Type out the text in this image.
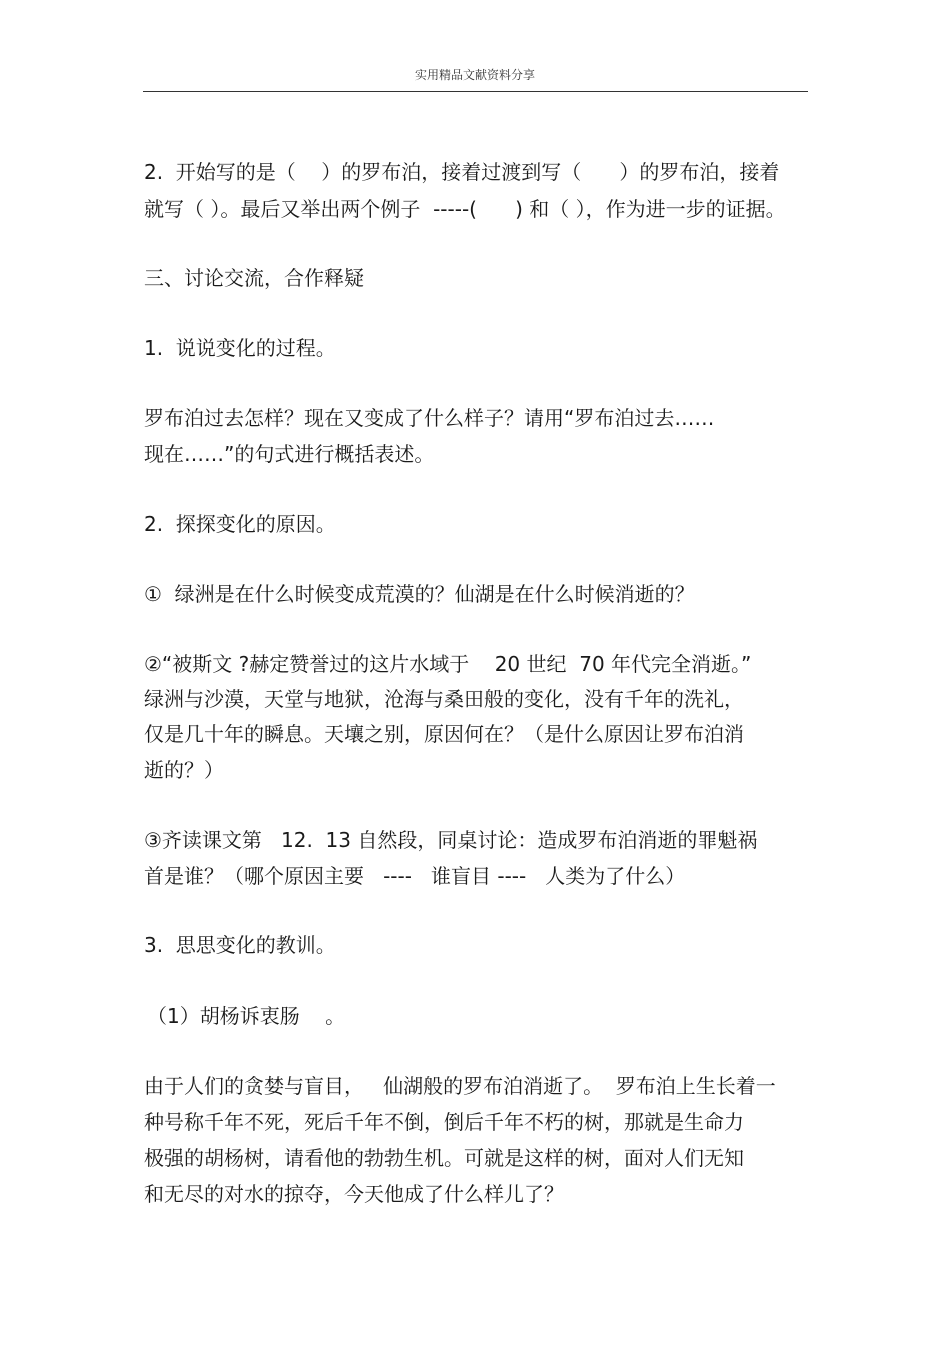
实用精品文献资料分享
2.  开始写的是（    ）的罗布泊，接着过渡到写（      ）的罗布泊，接着
就写（ ）。最后又举出两个例子  -----(      ) 和（ ），作为进一步的证据。
三、讨论交流，合作释疑
1.  说说变化的过程。
罗布泊过去怎样？现在又变成了什么样子？请用“罗布泊过去……
现在……”的句式进行概括表述。
2.  探探变化的原因。
①  绿洲是在什么时候变成荒漠的？仙湖是在什么时候消逝的？
②“被斯文 ?赫定赞誉过的这片水域于    20 世纪  70 年代完全消逝。”
绿洲与沙漠，天堂与地狱，沧海与桑田般的变化，没有千年的洗礼，
仅是几十年的瞬息。天壤之别，原因何在？（是什么原因让罗布泊消
逝的？）
③齐读课文第   12.  13 自然段，同桌讨论：造成罗布泊消逝的罪魁祸
首是谁？（哪个原因主要   ----   谁盲目 ----   人类为了什么）
3.  思思变化的教训。
（1）胡杨诉衷肠    。
由于人们的贪婪与盲目，   仙湖般的罗布泊消逝了。  罗布泊上生长着一
种号称千年不死，死后千年不倒，倒后千年不朽的树，那就是生命力
极强的胡杨树，请看他的勃勃生机。可就是这样的树，面对人们无知
和无尽的对水的掠夺，今天他成了什么样儿了？
